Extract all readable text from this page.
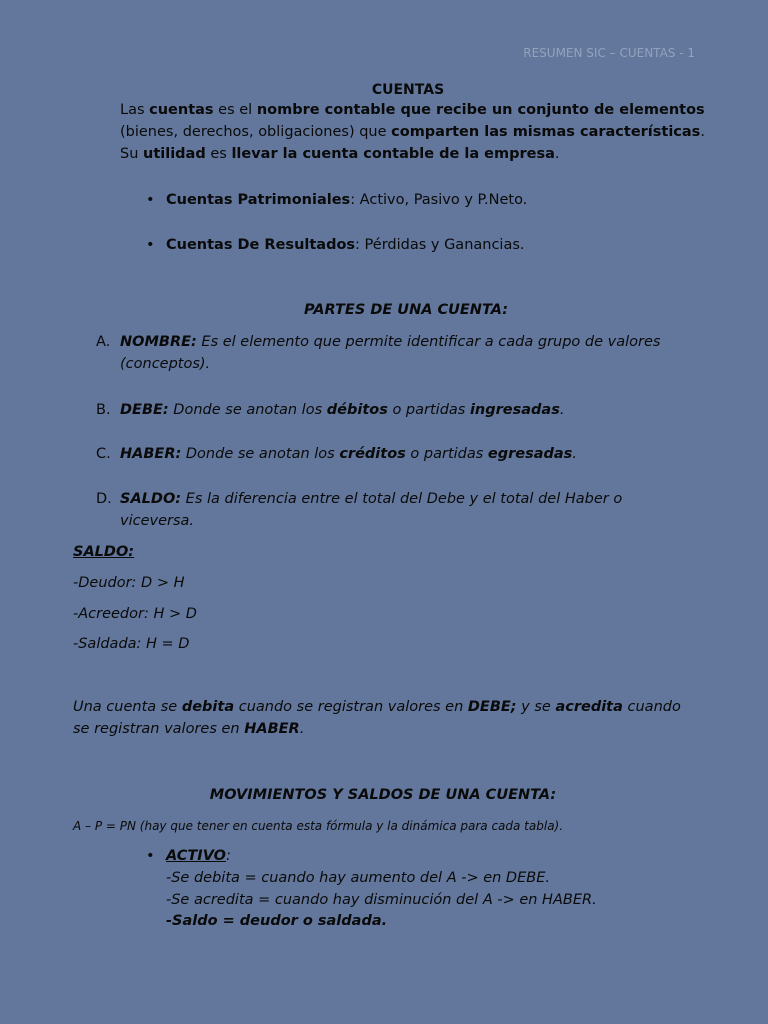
RESUMEN SIC – CUENTAS - 1
CUENTAS

Las cuentas es el nombre contable que recibe un conjunto de elementos

(bienes, derechos, obligaciones) que comparten las mismas características.

Su utilidad es llevar la cuenta contable de la empresa.

• Cuentas Patrimoniales: Activo, Pasivo y P.Neto.
• Cuentas De Resultados: Pérdidas y Ganancias.
PARTES DE UNA CUENTA:
A. NOMBRE: Es el elemento que permite identificar a cada grupo de valores (conceptos).
B. DEBE: Donde se anotan los débitos o partidas ingresadas.
C. HABER: Donde se anotan los créditos o partidas egresadas.
D. SALDO: Es la diferencia entre el total del Debe y el total del Haber o viceversa.
SALDO:
-Deudor: D > H
-Acreedor: H > D
-Saldada: H = D
Una cuenta se debita cuando se registran valores en DEBE; y se acredita cuando se registran valores en HABER.
MOVIMIENTOS Y SALDOS DE UNA CUENTA:
A – P = PN (hay que tener en cuenta esta fórmula y la dinámica para cada tabla).
• ACTIVO:
-Se debita = cuando hay aumento del A -> en DEBE.
-Se acredita = cuando hay disminución del A -> en HABER.
-Saldo = deudor o saldada.
